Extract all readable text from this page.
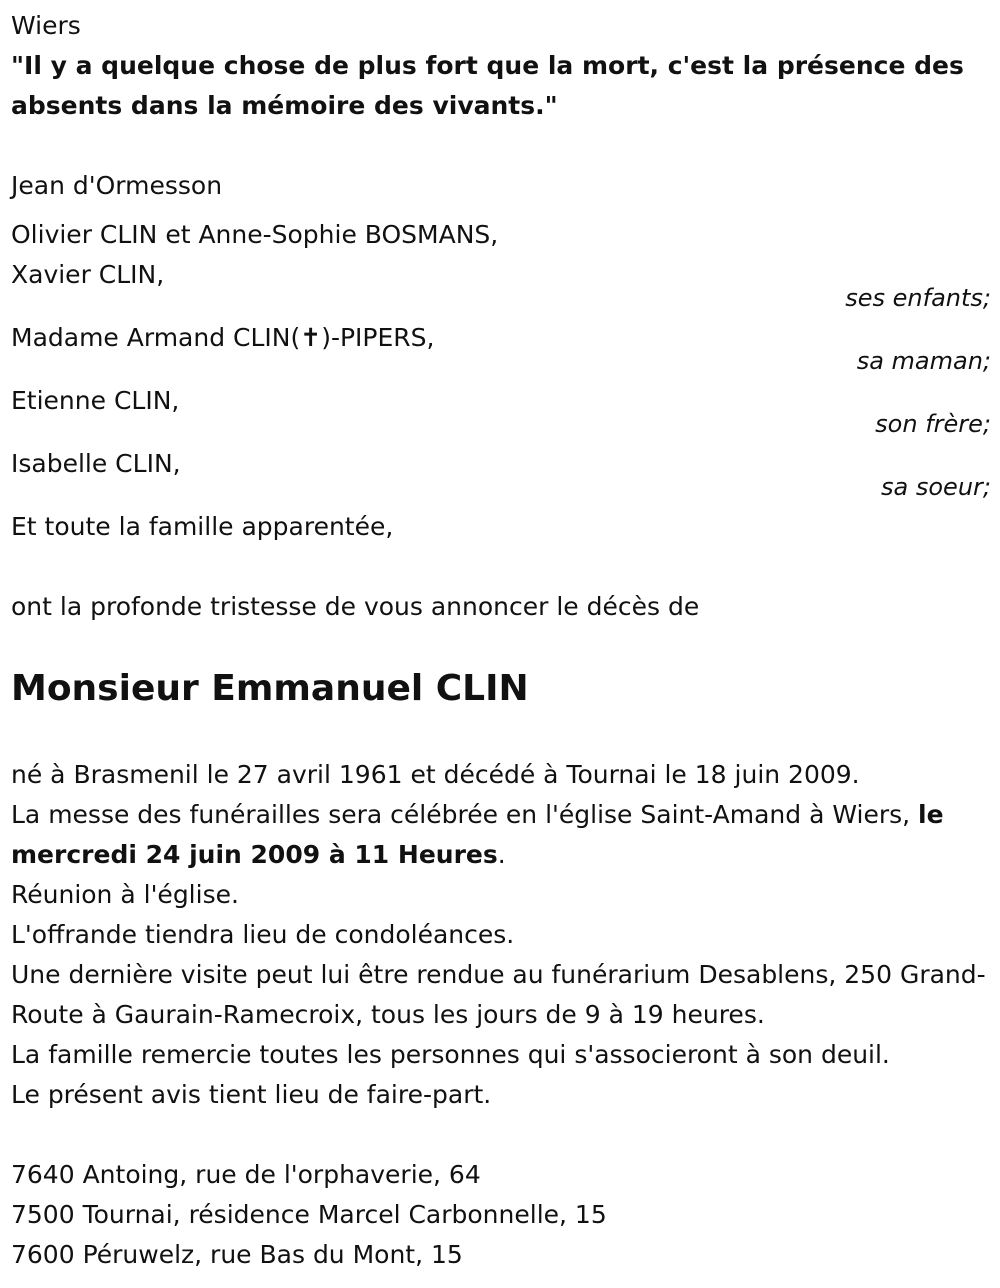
Wiers
"Il y a quelque chose de plus fort que la mort, c'est la présence des absents dans la mémoire des vivants."
Jean d'Ormesson
Olivier CLIN et Anne-Sophie BOSMANS,
Xavier CLIN,
ses enfants;
Madame Armand CLIN(✝)-PIPERS,
sa maman;
Etienne CLIN,
son frère;
Isabelle CLIN,
sa soeur;
Et toute la famille apparentée,
ont la profonde tristesse de vous annoncer le décès de
Monsieur Emmanuel CLIN
né à Brasmenil le 27 avril 1961 et décédé à Tournai le 18 juin 2009.
La messe des funérailles sera célébrée en l'église Saint-Amand à Wiers, le mercredi 24 juin 2009 à 11 Heures.
Réunion à l'église.
L'offrande tiendra lieu de condoléances.
Une dernière visite peut lui être rendue au funérarium Desablens, 250 Grand-Route à Gaurain-Ramecroix, tous les jours de 9 à 19 heures.
La famille remercie toutes les personnes qui s'associeront à son deuil.
Le présent avis tient lieu de faire-part.
7640 Antoing, rue de l'orphaverie, 64
7500 Tournai, résidence Marcel Carbonnelle, 15
7600 Péruwelz, rue Bas du Mont, 15
